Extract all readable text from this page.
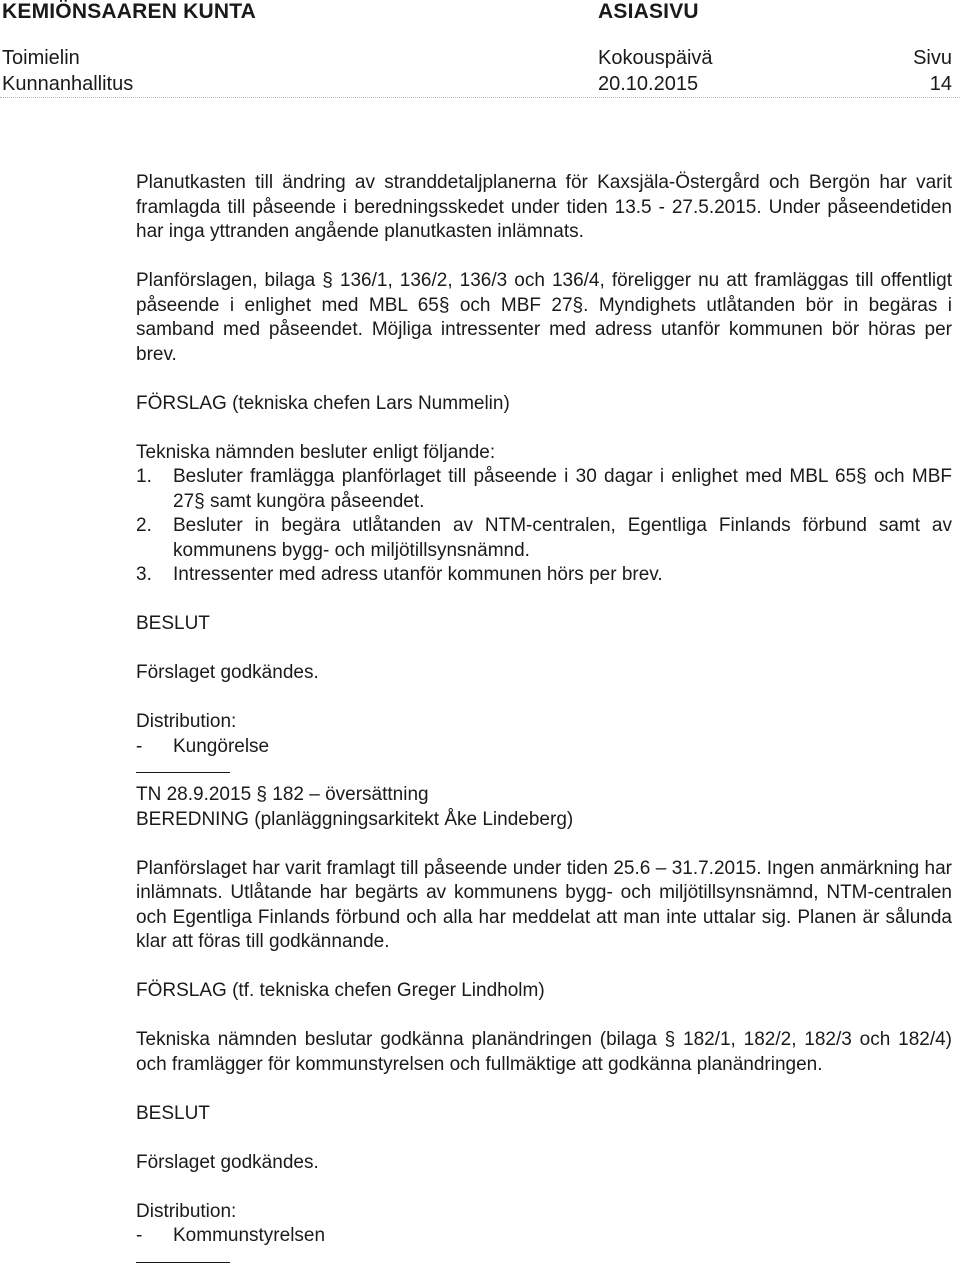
KEMIÖNSAAREN KUNTA	ASIASIVU
Toimielin	Kokouspäivä	Sivu
Kunnanhallitus	20.10.2015	14

Planutkasten till ändring av stranddetaljplanerna för Kaxsjäla-Östergård och Bergön har varit framlagda till påseende i beredningsskedet under tiden 13.5 - 27.5.2015. Under påseendetiden har inga yttranden angående planutkasten inlämnats.

Planförslagen, bilaga § 136/1, 136/2, 136/3 och 136/4, föreligger nu att framläggas till offentligt påseende i enlighet med MBL 65§ och MBF 27§. Myndighets utlåtanden bör in begäras i samband med påseendet. Möjliga intressenter med adress utanför kommunen bör höras per brev.

FÖRSLAG (tekniska chefen Lars Nummelin)

Tekniska nämnden besluter enligt följande:

1.	Besluter framlägga planförlaget till påseende i 30 dagar i enlighet med MBL 65§ och MBF 27§ samt kungöra påseendet.
2.	Besluter in begära utlåtanden av NTM-centralen, Egentliga Finlands förbund samt av kommunens bygg- och miljötillsynsnämnd.
3.	Intressenter med adress utanför kommunen hörs per brev.

BESLUT

Förslaget godkändes.

Distribution:

-	Kungörelse

TN 28.9.2015 § 182 – översättning

BEREDNING (planläggningsarkitekt Åke Lindeberg)

Planförslaget har varit framlagt till påseende under tiden 25.6 – 31.7.2015. Ingen anmärkning har inlämnats. Utlåtande har begärts av kommunens bygg- och miljötillsynsnämnd, NTM-centralen och Egentliga Finlands förbund och alla har meddelat att man inte uttalar sig. Planen är sålunda klar att föras till godkännande.

FÖRSLAG (tf. tekniska chefen Greger Lindholm)

Tekniska nämnden beslutar godkänna planändringen (bilaga § 182/1, 182/2, 182/3 och 182/4) och framlägger för kommunstyrelsen och fullmäktige att godkänna planändringen.

BESLUT

Förslaget godkändes.

Distribution:

-	Kommunstyrelsen
